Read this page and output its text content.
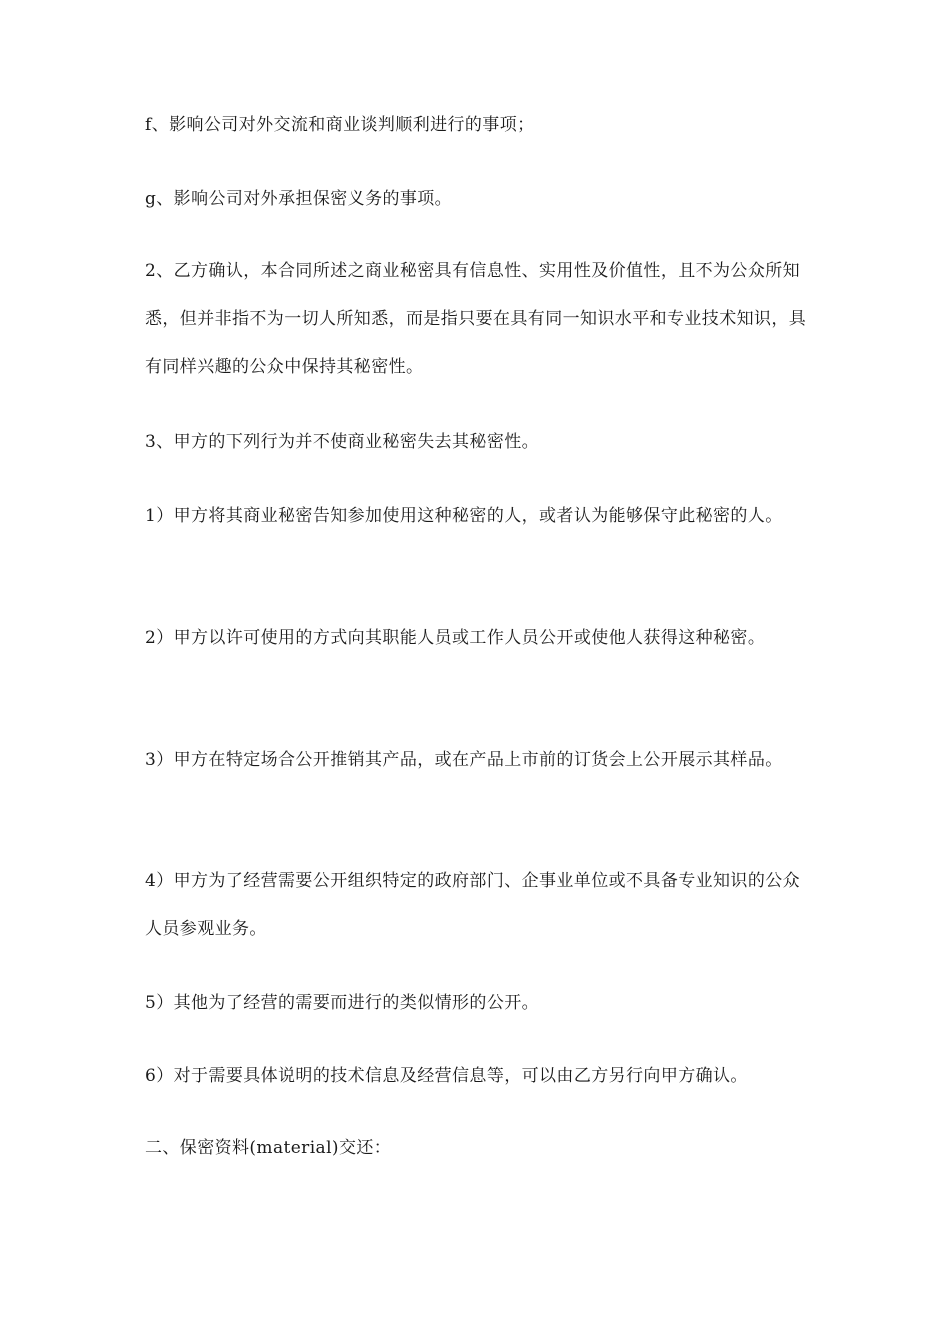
f、影响公司对外交流和商业谈判顺利进行的事项；

g、影响公司对外承担保密义务的事项。

2、乙方确认，本合同所述之商业秘密具有信息性、实用性及价值性，且不为公众所知悉，但并非指不为一切人所知悉，而是指只要在具有同一知识水平和专业技术知识，具有同样兴趣的公众中保持其秘密性。

3、甲方的下列行为并不使商业秘密失去其秘密性。

1）甲方将其商业秘密告知参加使用这种秘密的人，或者认为能够保守此秘密的人。

2）甲方以许可使用的方式向其职能人员或工作人员公开或使他人获得这种秘密。

3）甲方在特定场合公开推销其产品，或在产品上市前的订货会上公开展示其样品。

4）甲方为了经营需要公开组织特定的政府部门、企事业单位或不具备专业知识的公众人员参观业务。

5）其他为了经营的需要而进行的类似情形的公开。

6）对于需要具体说明的技术信息及经营信息等，可以由乙方另行向甲方确认。

二、保密资料(material)交还：
